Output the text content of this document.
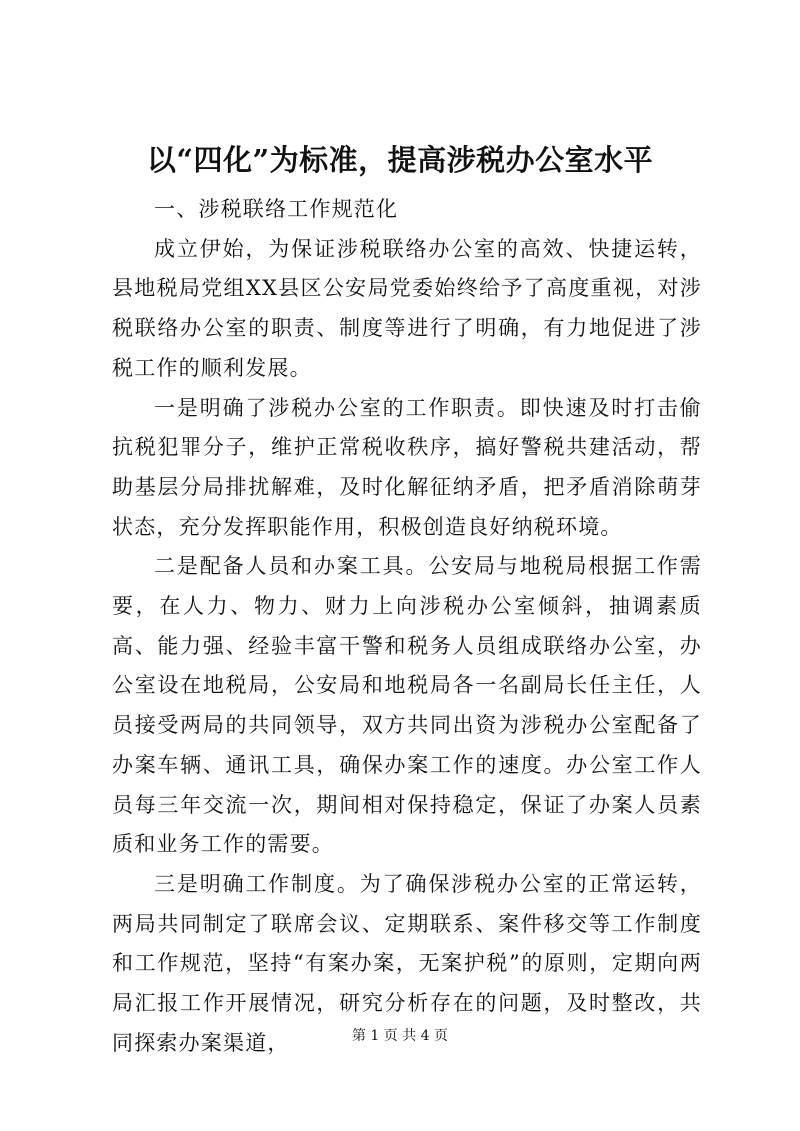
以“四化”为标准，提高涉税办公室水平

一、涉税联络工作规范化

成立伊始，为保证涉税联络办公室的高效、快捷运转，县地税局党组XX县区公安局党委始终给予了高度重视，对涉税联络办公室的职责、制度等进行了明确，有力地促进了涉税工作的顺利发展。

一是明确了涉税办公室的工作职责。即快速及时打击偷抗税犯罪分子，维护正常税收秩序，搞好警税共建活动，帮助基层分局排扰解难，及时化解征纳矛盾，把矛盾消除萌芽状态，充分发挥职能作用，积极创造良好纳税环境。

二是配备人员和办案工具。公安局与地税局根据工作需要，在人力、物力、财力上向涉税办公室倾斜，抽调素质高、能力强、经验丰富干警和税务人员组成联络办公室，办公室设在地税局，公安局和地税局各一名副局长任主任，人员接受两局的共同领导，双方共同出资为涉税办公室配备了办案车辆、通讯工具，确保办案工作的速度。办公室工作人员每三年交流一次，期间相对保持稳定，保证了办案人员素质和业务工作的需要。

三是明确工作制度。为了确保涉税办公室的正常运转，两局共同制定了联席会议、定期联系、案件移交等工作制度和工作规范，坚持“有案办案，无案护税”的原则，定期向两局汇报工作开展情况，研究分析存在的问题，及时整改，共同探索办案渠道，	第 1 页 共 4 页
